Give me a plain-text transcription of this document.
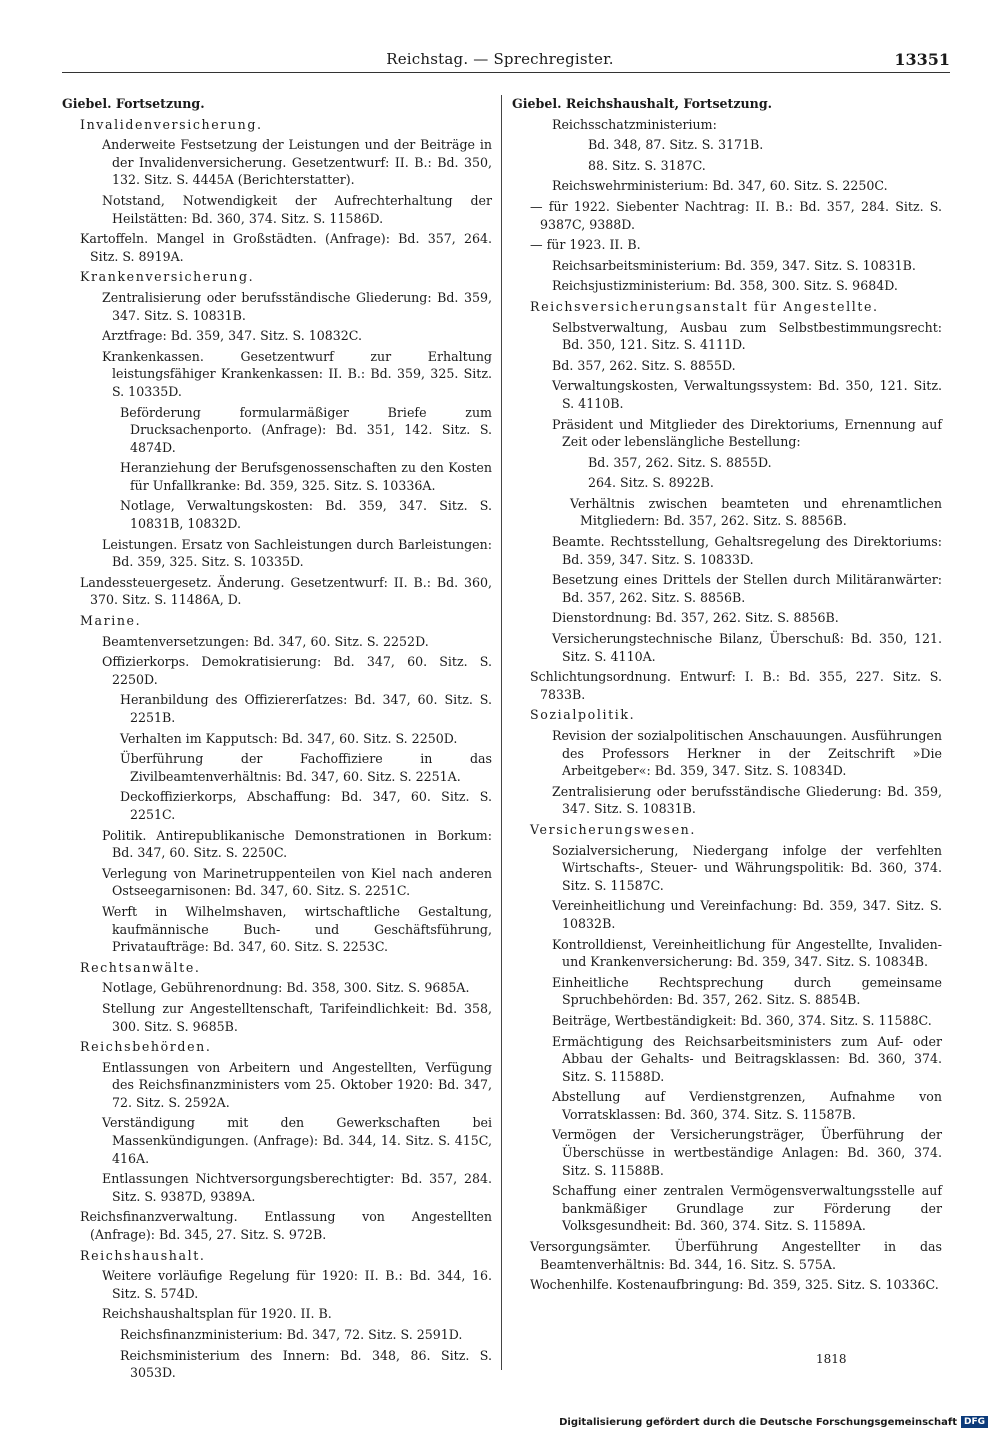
Reichstag. — Sprechregister.	13351

Giebel. Fortsetzung.

Invalidenversicherung.

Anderweite Festsetzung der Leistungen und der Beiträge in der Invalidenversicherung. Gesetzentwurf: II. B.: Bd. 350, 132. Sitz. S. 4445A (Berichterstatter).

Notstand, Notwendigkeit der Aufrechterhaltung der Heilstätten: Bd. 360, 374. Sitz. S. 11586D.

Kartoffeln. Mangel in Großstädten. (Anfrage): Bd. 357, 264. Sitz. S. 8919A.

Krankenversicherung.

Zentralisierung oder berufsständische Gliederung: Bd. 359, 347. Sitz. S. 10831B.

Arztfrage: Bd. 359, 347. Sitz. S. 10832C.

Krankenkassen. Gesetzentwurf zur Erhaltung leistungsfähiger Krankenkassen: II. B.: Bd. 359, 325. Sitz. S. 10335D.

Beförderung formularmäßiger Briefe zum Drucksachenporto. (Anfrage): Bd. 351, 142. Sitz. S. 4874D.

Heranziehung der Berufsgenossenschaften zu den Kosten für Unfallkranke: Bd. 359, 325. Sitz. S. 10336A.

Notlage, Verwaltungskosten: Bd. 359, 347. Sitz. S. 10831B, 10832D.

Leistungen. Ersatz von Sachleistungen durch Barleistungen: Bd. 359, 325. Sitz. S. 10335D.

Landessteuergesetz. Änderung. Gesetzentwurf: II. B.: Bd. 360, 370. Sitz. S. 11486A, D.

Marine.

Beamtenversetzungen: Bd. 347, 60. Sitz. S. 2252D.

Offizierkorps. Demokratisierung: Bd. 347, 60. Sitz. S. 2250D.

Heranbildung des Offiziererſatzes: Bd. 347, 60. Sitz. S. 2251B.

Verhalten im Kapputsch: Bd. 347, 60. Sitz. S. 2250D.

Überführung der Fachoffiziere in das Zivilbeamtenverhältnis: Bd. 347, 60. Sitz. S. 2251A.

Deckoffizierkorps, Abschaffung: Bd. 347, 60. Sitz. S. 2251C.

Politik. Antirepublikanische Demonstrationen in Borkum: Bd. 347, 60. Sitz. S. 2250C.

Verlegung von Marinetruppenteilen von Kiel nach anderen Ostseegarnisonen: Bd. 347, 60. Sitz. S. 2251C.

Werft in Wilhelmshaven, wirtschaftliche Gestaltung, kaufmännische Buch- und Geschäftsführung, Privataufträge: Bd. 347, 60. Sitz. S. 2253C.

Rechtsanwälte.

Notlage, Gebührenordnung: Bd. 358, 300. Sitz. S. 9685A.

Stellung zur Angestelltenschaft, Tarifeindlichkeit: Bd. 358, 300. Sitz. S. 9685B.

Reichsbehörden.

Entlassungen von Arbeitern und Angestellten, Verfügung des Reichsfinanzministers vom 25. Oktober 1920: Bd. 347, 72. Sitz. S. 2592A.

Verständigung mit den Gewerkschaften bei Massenkündigungen. (Anfrage): Bd. 344, 14. Sitz. S. 415C, 416A.

Entlassungen Nichtversorgungsberechtigter: Bd. 357, 284. Sitz. S. 9387D, 9389A.

Reichsfinanzverwaltung. Entlassung von Angestellten (Anfrage): Bd. 345, 27. Sitz. S. 972B.

Reichshaushalt.

Weitere vorläufige Regelung für 1920: II. B.: Bd. 344, 16. Sitz. S. 574D.

Reichshaushaltsplan für 1920. II. B.

Reichsfinanzministerium: Bd. 347, 72. Sitz. S. 2591D.

Reichsministerium des Innern: Bd. 348, 86. Sitz. S. 3053D.

Giebel. Reichshaushalt, Fortsetzung.

Reichsschatzministerium:

Bd. 348, 87. Sitz. S. 3171B.

88. Sitz. S. 3187C.

Reichswehrministerium: Bd. 347, 60. Sitz. S. 2250C.

— für 1922. Siebenter Nachtrag: II. B.: Bd. 357, 284. Sitz. S. 9387C, 9388D.

— für 1923. II. B.

Reichsarbeitsministerium: Bd. 359, 347. Sitz. S. 10831B.

Reichsjustizministerium: Bd. 358, 300. Sitz. S. 9684D.

Reichsversicherungsanstalt für Angestellte.

Selbstverwaltung, Ausbau zum Selbstbestimmungsrecht: Bd. 350, 121. Sitz. S. 4111D.

Bd. 357, 262. Sitz. S. 8855D.

Verwaltungskosten, Verwaltungssystem: Bd. 350, 121. Sitz. S. 4110B.

Präsident und Mitglieder des Direktoriums, Ernennung auf Zeit oder lebenslängliche Bestellung:

Bd. 357, 262. Sitz. S. 8855D.

264. Sitz. S. 8922B.

Verhältnis zwischen beamteten und ehrenamtlichen Mitgliedern: Bd. 357, 262. Sitz. S. 8856B.

Beamte. Rechtsstellung, Gehaltsregelung des Direktoriums: Bd. 359, 347. Sitz. S. 10833D.

Besetzung eines Drittels der Stellen durch Militäranwärter: Bd. 357, 262. Sitz. S. 8856B.

Dienstordnung: Bd. 357, 262. Sitz. S. 8856B.

Versicherungstechnische Bilanz, Überschuß: Bd. 350, 121. Sitz. S. 4110A.

Schlichtungsordnung. Entwurf: I. B.: Bd. 355, 227. Sitz. S. 7833B.

Sozialpolitik.

Revision der sozialpolitischen Anschauungen. Ausführungen des Professors Herkner in der Zeitschrift »Die Arbeitgeber«: Bd. 359, 347. Sitz. S. 10834D.

Zentralisierung oder berufsständische Gliederung: Bd. 359, 347. Sitz. S. 10831B.

Versicherungswesen.

Sozialversicherung, Niedergang infolge der verfehlten Wirtschafts-, Steuer- und Währungspolitik: Bd. 360, 374. Sitz. S. 11587C.

Vereinheitlichung und Vereinfachung: Bd. 359, 347. Sitz. S. 10832B.

Kontrolldienst, Vereinheitlichung für Angestellte, Invaliden- und Krankenversicherung: Bd. 359, 347. Sitz. S. 10834B.

Einheitliche Rechtsprechung durch gemeinsame Spruchbehörden: Bd. 357, 262. Sitz. S. 8854B.

Beiträge, Wertbeständigkeit: Bd. 360, 374. Sitz. S. 11588C.

Ermächtigung des Reichsarbeitsministers zum Auf- oder Abbau der Gehalts- und Beitragsklassen: Bd. 360, 374. Sitz. S. 11588D.

Abstellung auf Verdienstgrenzen, Aufnahme von Vorratsklassen: Bd. 360, 374. Sitz. S. 11587B.

Vermögen der Versicherungsträger, Überführung der Überschüsse in wertbeständige Anlagen: Bd. 360, 374. Sitz. S. 11588B.

Schaffung einer zentralen Vermögensverwaltungsstelle auf bankmäßiger Grundlage zur Förderung der Volksgesundheit: Bd. 360, 374. Sitz. S. 11589A.

Versorgungsämter. Überführung Angestellter in das Beamtenverhältnis: Bd. 344, 16. Sitz. S. 575A.

Wochenhilfe. Kostenaufbringung: Bd. 359, 325. Sitz. S. 10336C.

1818
Digitalisierung gefördert durch die Deutsche Forschungsgemeinschaft DFG
